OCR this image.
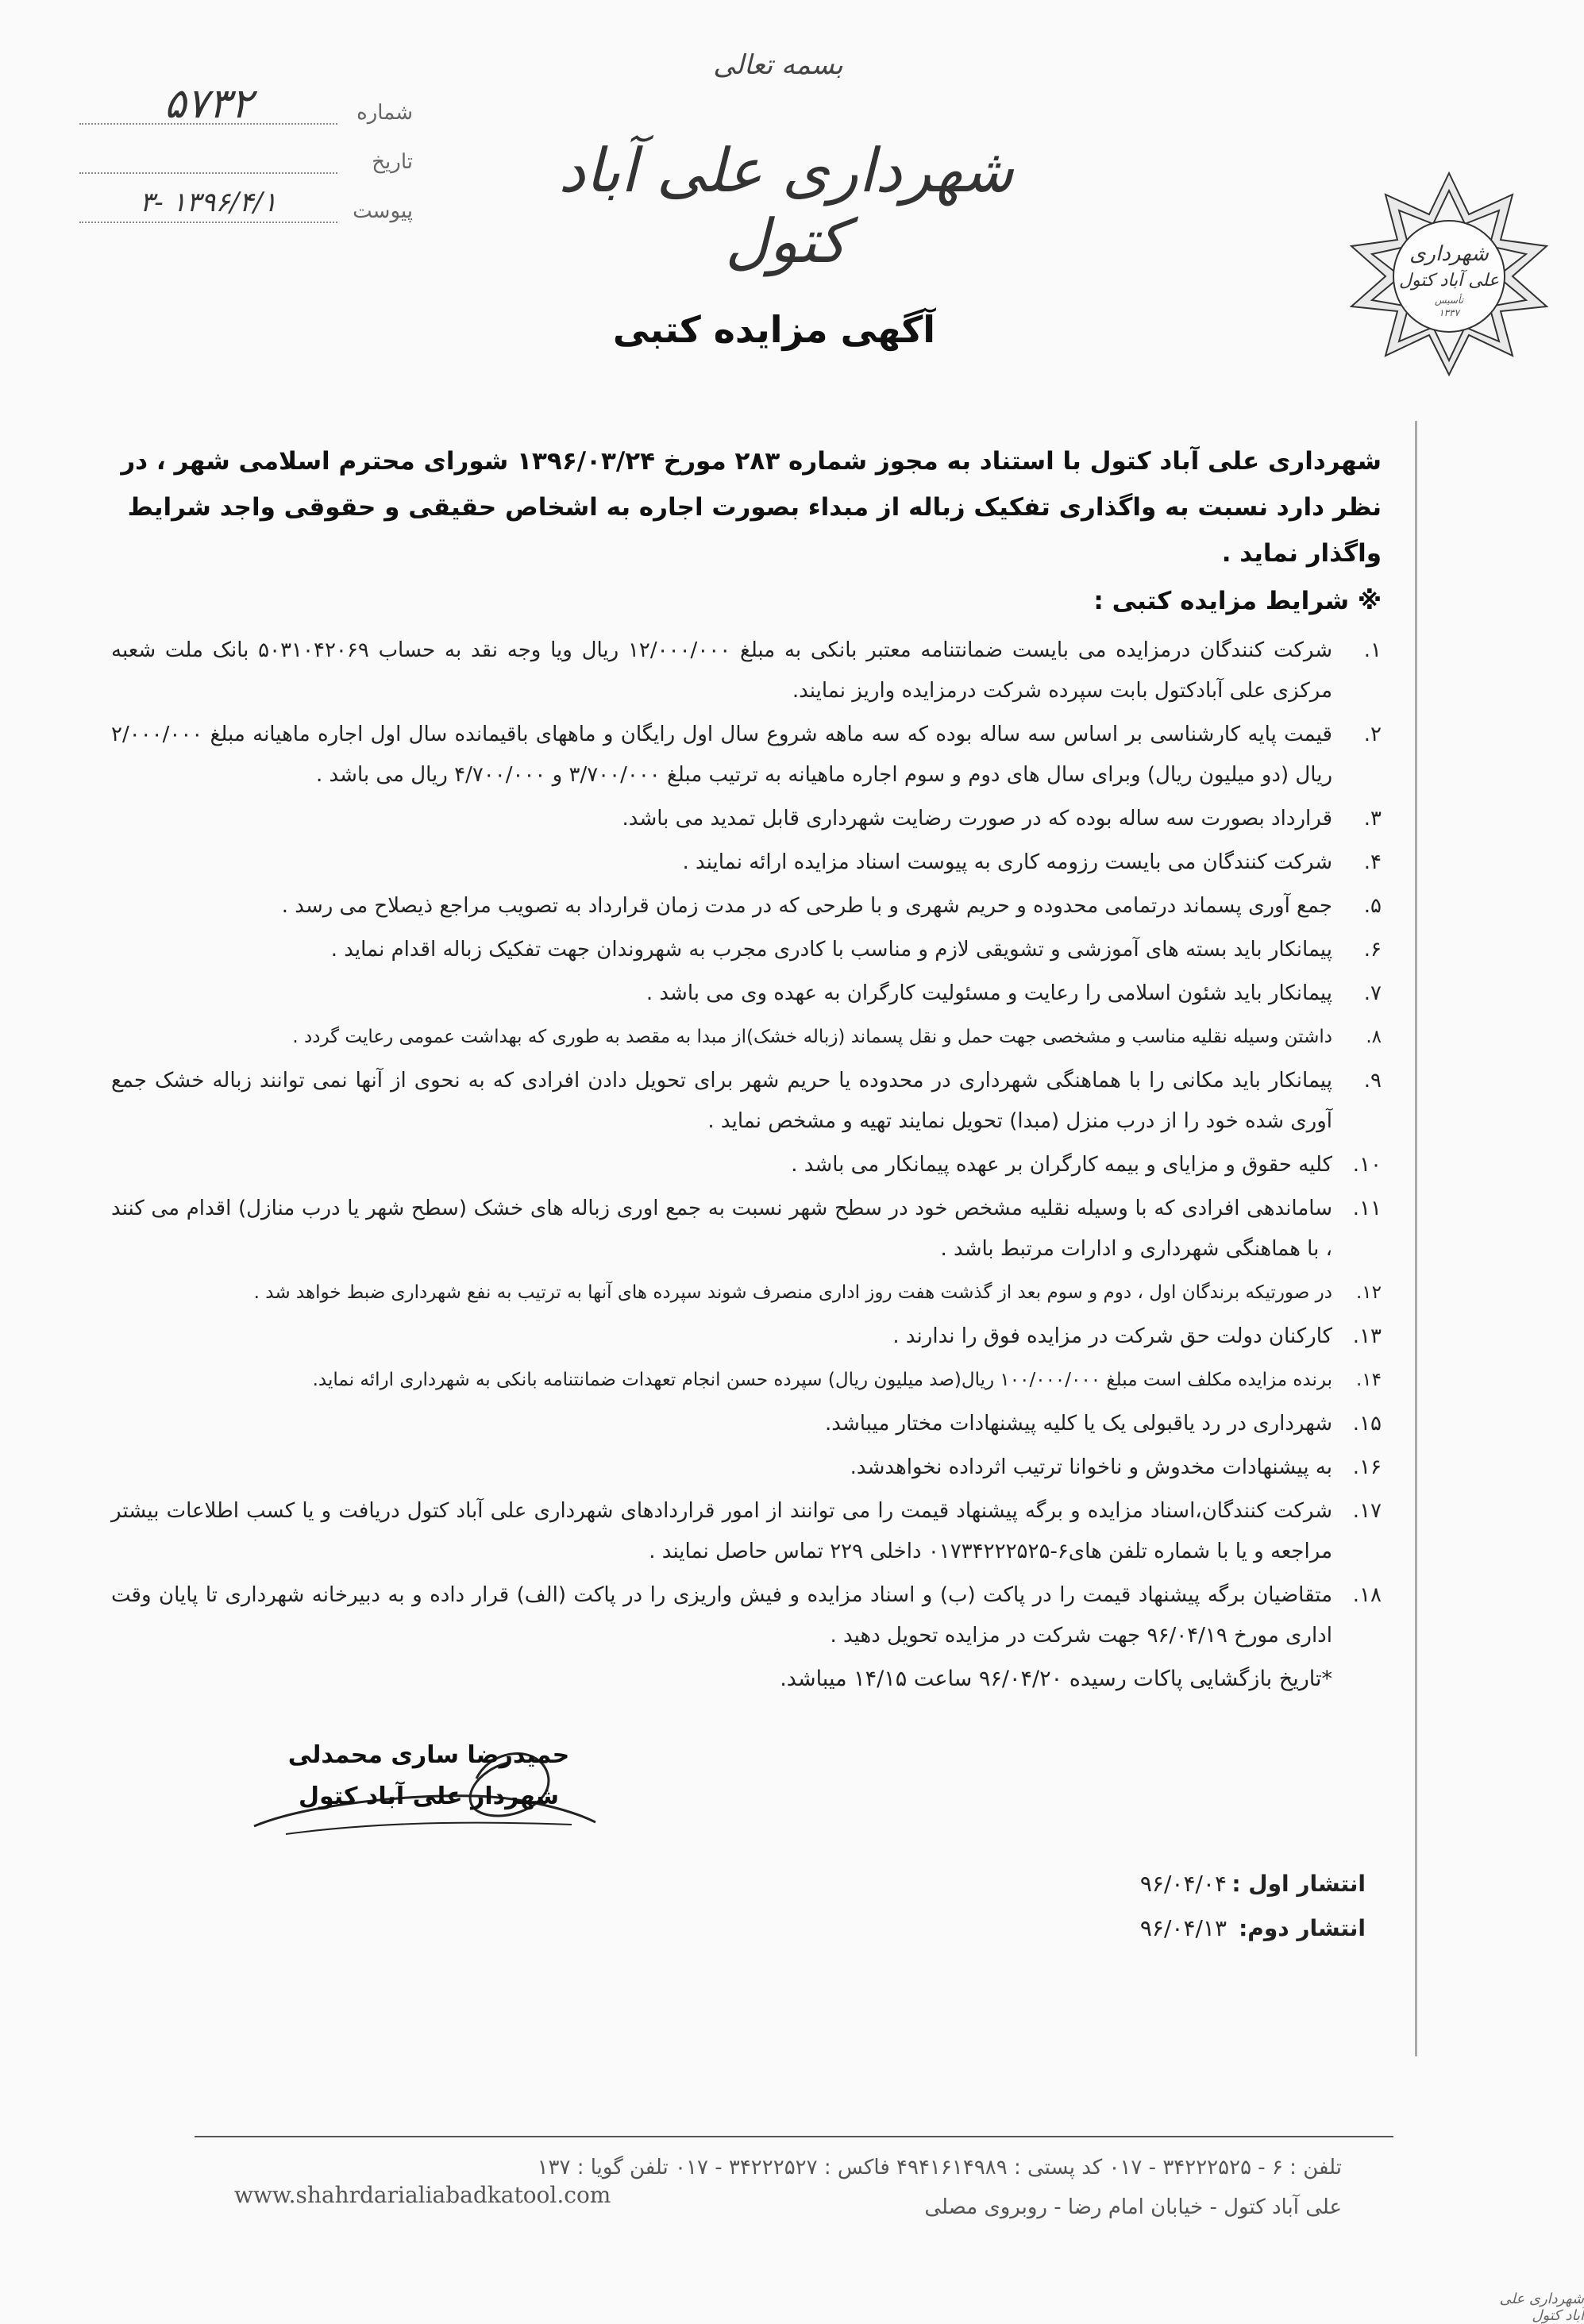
شماره
۵۷۳۲
تاریخ
پیوست
۱۳۹۶/۴/۱ -۳
بسمه تعالی
شهرداری علی آباد کتول	شهرداری
علی آباد کتول
تأسیس
۱۳۳۷
آگهی مزایده کتبی
شهرداری علی آباد کتول با استناد به مجوز شماره ۲۸۳ مورخ ۱۳۹۶/۰۳/۲۴ شورای محترم اسلامی شهر ، در نظر دارد نسبت به واگذاری تفکیک زباله از مبداء بصورت اجاره به اشخاص حقیقی و حقوقی واجد شرایط واگذار نماید .
※ شرایط مزایده کتبی :
۱.
شرکت کنندگان درمزایده می بایست ضمانتنامه معتبر بانکی به مبلغ ۱۲/۰۰۰/۰۰۰ ریال ویا وجه نقد به حساب ۵۰۳۱۰۴۲۰۶۹ بانک ملت شعبه مرکزی علی آبادکتول بابت سپرده شرکت درمزایده واریز نمایند.
۲.
قیمت پایه کارشناسی بر اساس سه ساله بوده که سه ماهه شروع سال اول رایگان و ماههای باقیمانده سال اول اجاره ماهیانه مبلغ ۲/۰۰۰/۰۰۰ ریال (دو میلیون ریال) وبرای سال های دوم و سوم اجاره ماهیانه به ترتیب مبلغ ۳/۷۰۰/۰۰۰ و ۴/۷۰۰/۰۰۰ ریال می باشد .
۳.
قرارداد بصورت سه ساله بوده که در صورت رضایت شهرداری قابل تمدید می باشد.
۴.
شرکت کنندگان می بایست رزومه کاری به پیوست اسناد مزایده ارائه نمایند .
۵.
جمع آوری پسماند درتمامی محدوده و حریم شهری و با طرحی که در مدت زمان قرارداد به تصویب مراجع ذیصلاح می رسد .
۶.
پیمانکار باید بسته های آموزشی و تشویقی لازم و مناسب با کادری مجرب به شهروندان جهت تفکیک زباله اقدام نماید .
۷.
پیمانکار باید شئون اسلامی را رعایت و مسئولیت کارگران به عهده وی می باشد .
۸.
داشتن وسیله نقلیه مناسب و مشخصی جهت حمل و نقل پسماند (زباله خشک)از مبدا به مقصد به طوری که بهداشت عمومی رعایت گردد .
۹.
پیمانکار باید مکانی را با هماهنگی شهرداری در محدوده یا حریم شهر برای تحویل دادن افرادی که به نحوی از آنها نمی توانند زباله خشک جمع آوری شده خود را از درب منزل (مبدا) تحویل نمایند تهیه و مشخص نماید .
۱۰.
کلیه حقوق و مزایای و بیمه کارگران بر عهده پیمانکار می باشد .
۱۱.
ساماندهی افرادی که با وسیله نقلیه مشخص خود در سطح شهر نسبت به جمع اوری زباله های خشک (سطح شهر یا درب منازل) اقدام می کنند ، با هماهنگی شهرداری و ادارات مرتبط باشد .
۱۲.
در صورتیکه برندگان اول ، دوم و سوم بعد از گذشت هفت روز اداری منصرف شوند سپرده های آنها به ترتیب به نفع شهرداری ضبط خواهد شد .
۱۳.
کارکنان دولت حق شرکت در مزایده فوق را ندارند .
۱۴.
برنده مزایده مکلف است مبلغ ۱۰۰/۰۰۰/۰۰۰ ریال(صد میلیون ریال) سپرده حسن انجام تعهدات ضمانتنامه بانکی به شهرداری ارائه نماید.
۱۵.
شهرداری در رد یاقبولی یک یا کلیه پیشنهادات مختار میباشد.
۱۶.
به پیشنهادات مخدوش و ناخوانا ترتیب اثرداده نخواهدشد.
۱۷.
شرکت کنندگان،اسناد مزایده و برگه پیشنهاد قیمت را می توانند از امور قراردادهای شهرداری علی آباد کتول دریافت و یا کسب اطلاعات بیشتر مراجعه و یا با شماره تلفن های۶-۰۱۷۳۴۲۲۲۵۲۵ داخلی ۲۲۹ تماس حاصل نمایند .
۱۸.
متقاضیان برگه پیشنهاد قیمت را در پاکت (ب) و اسناد مزایده و فیش واریزی را در پاکت (الف) قرار داده و به دبیرخانه شهرداری تا پایان وقت اداری مورخ ۹۶/۰۴/۱۹ جهت شرکت در مزایده تحویل دهید .
*تاریخ بازگشایی پاکات رسیده ۹۶/۰۴/۲۰ ساعت ۱۴/۱۵ میباشد.
حمیدرضا ساری محمدلی
شهردار علی آباد کتول
انتشار اول :
۹۶/۰۴/۰۴
انتشار دوم:
۹۶/۰۴/۱۳
تلفن : ۶ - ۳۴۲۲۲۵۲۵ - ۰۱۷ کد پستی : ۴۹۴۱۶۱۴۹۸۹ فاکس : ۳۴۲۲۲۵۲۷ - ۰۱۷ تلفن گویا : ۱۳۷
علی آباد کتول - خیابان امام رضا - روبروی مصلی
www.shahrdarialiabadkatool.com
شهرداری علی آباد کتول
